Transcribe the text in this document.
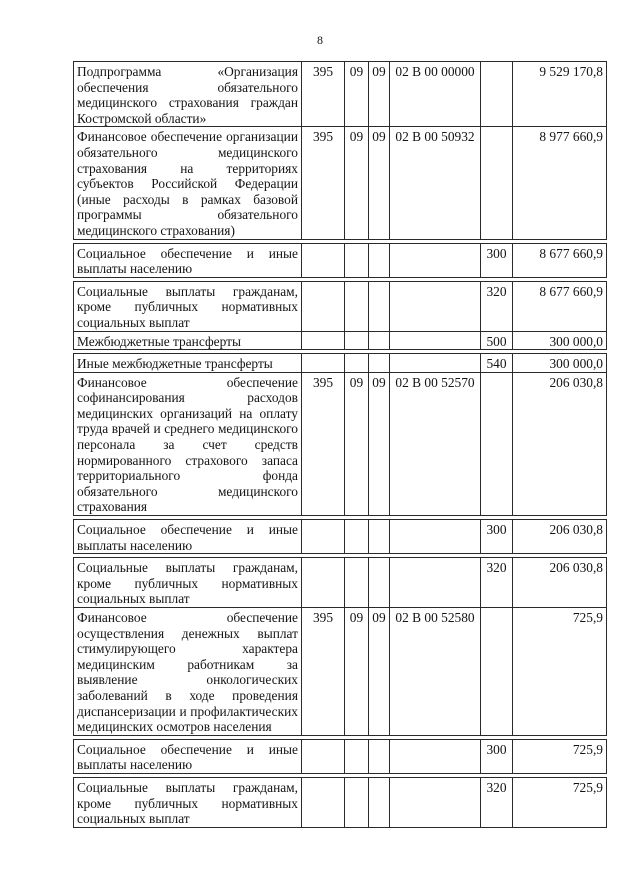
8
Подпрограмма «Организация обеспечения обязательного медицинского страхования граждан Костромской области»	395	09	09	02 В 00 00000		9 529 170,8
Финансовое обеспечение организации обязательного медицинского страхования на территориях субъектов Российской Федерации (иные расходы в рамках базовой программы обязательного медицинского страхования)	395	09	09	02 В 00 50932		8 977 660,9

Социальное обеспечение и иные выплаты населению					300	8 677 660,9

Социальные выплаты гражданам, кроме публичных нормативных социальных выплат					320	8 677 660,9
Межбюджетные трансферты					500	300 000,0

Иные межбюджетные трансферты					540	300 000,0
Финансовое обеспечение софинансирования расходов медицинских организаций на оплату труда врачей и среднего медицинского персонала за счет средств нормированного страхового запаса территориального фонда обязательного медицинского страхования	395	09	09	02 В 00 52570		206 030,8

Социальное обеспечение и иные выплаты населению					300	206 030,8

Социальные выплаты гражданам, кроме публичных нормативных социальных выплат					320	206 030,8
Финансовое обеспечение осуществления денежных выплат стимулирующего характера медицинским работникам за выявление онкологических заболеваний в ходе проведения диспансеризации и профилактических медицинских осмотров населения	395	09	09	02 В 00 52580		725,9

Социальное обеспечение и иные выплаты населению					300	725,9

Социальные выплаты гражданам, кроме публичных нормативных социальных выплат					320	725,9
